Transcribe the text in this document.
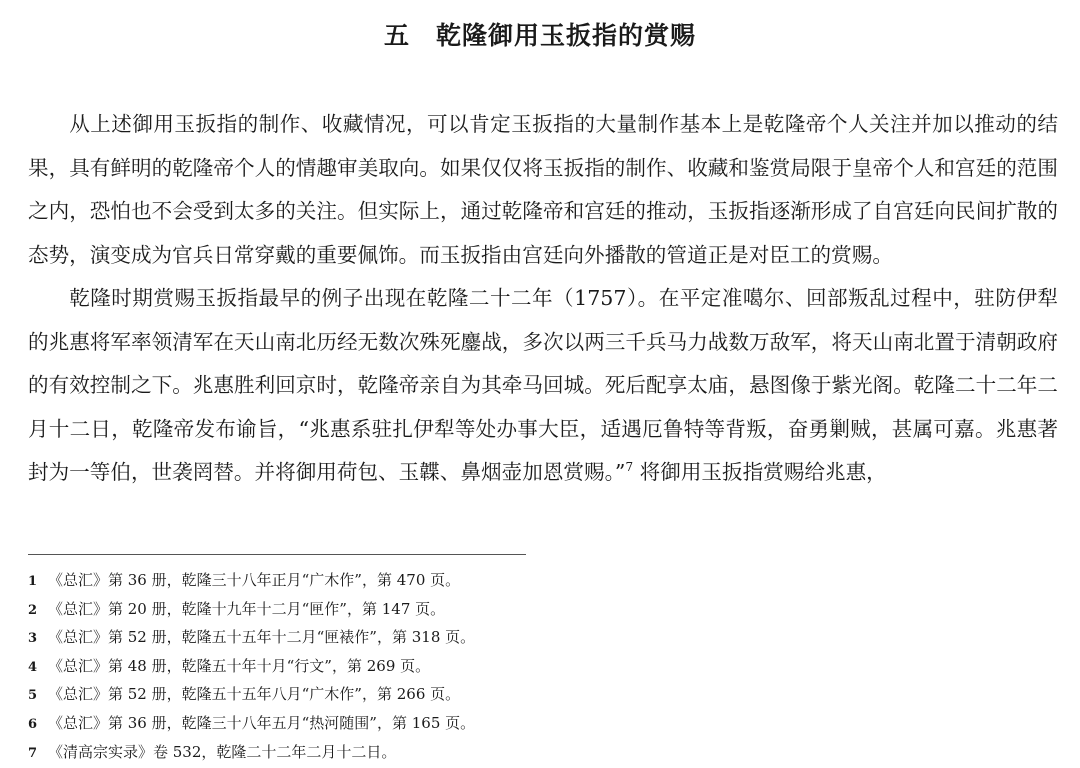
五　乾隆御用玉扳指的赏赐

从上述御用玉扳指的制作、收藏情况，可以肯定玉扳指的大量制作基本上是乾隆帝个人关注并加以推动的结果，具有鲜明的乾隆帝个人的情趣审美取向。如果仅仅将玉扳指的制作、收藏和鉴赏局限于皇帝个人和宫廷的范围之内，恐怕也不会受到太多的关注。但实际上，通过乾隆帝和宫廷的推动，玉扳指逐渐形成了自宫廷向民间扩散的态势，演变成为官兵日常穿戴的重要佩饰。而玉扳指由宫廷向外播散的管道正是对臣工的赏赐。

乾隆时期赏赐玉扳指最早的例子出现在乾隆二十二年（1757）。在平定准噶尔、回部叛乱过程中，驻防伊犁的兆惠将军率领清军在天山南北历经无数次殊死鏖战，多次以两三千兵马力战数万敌军，将天山南北置于清朝政府的有效控制之下。兆惠胜利回京时，乾隆帝亲自为其牵马回城。死后配享太庙，悬图像于紫光阁。乾隆二十二年二月十二日，乾隆帝发布谕旨，“兆惠系驻扎伊犁等处办事大臣，适遇厄鲁特等背叛，奋勇剿贼，甚属可嘉。兆惠著封为一等伯，世袭罔替。并将御用荷包、玉韘、鼻烟壶加恩赏赐。”$^7$ 将御用玉扳指赏赐给兆惠，

1 《总汇》第 36 册，乾隆三十八年正月“广木作”，第 470 页。
2 《总汇》第 20 册，乾隆十九年十二月“匣作”，第 147 页。
3 《总汇》第 52 册，乾隆五十五年十二月“匣裱作”，第 318 页。
4 《总汇》第 48 册，乾隆五十年十月“行文”，第 269 页。
5 《总汇》第 52 册，乾隆五十五年八月“广木作”，第 266 页。
6 《总汇》第 36 册，乾隆三十八年五月“热河随围”，第 165 页。
7 《清高宗实录》卷 532，乾隆二十二年二月十二日。
